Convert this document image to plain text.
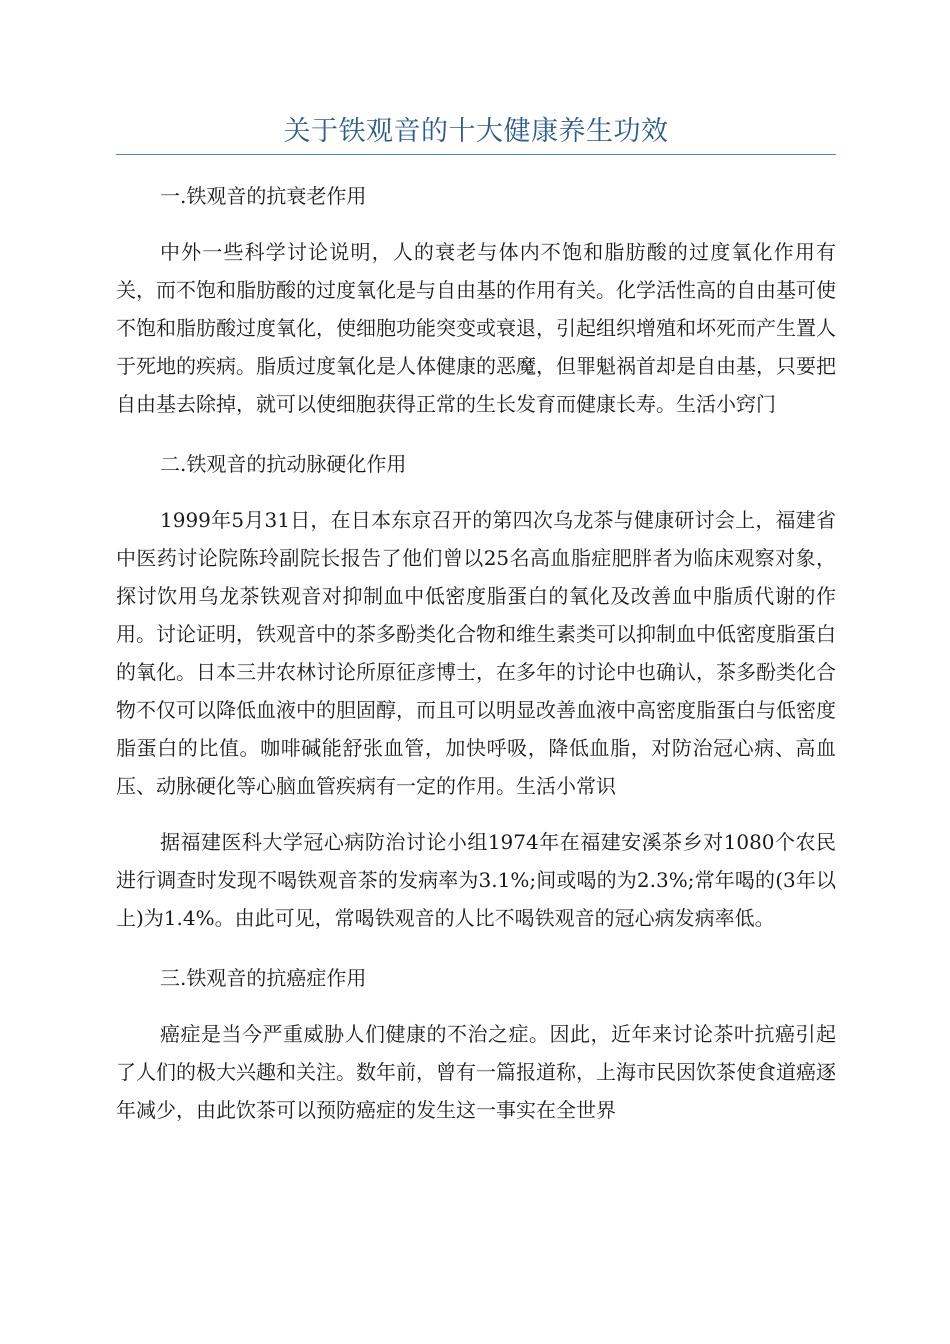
关于铁观音的十大健康养生功效

一.铁观音的抗衰老作用

中外一些科学讨论说明，人的衰老与体内不饱和脂肪酸的过度氧化作用有关，而不饱和脂肪酸的过度氧化是与自由基的作用有关。化学活性高的自由基可使不饱和脂肪酸过度氧化，使细胞功能突变或衰退，引起组织增殖和坏死而产生置人于死地的疾病。脂质过度氧化是人体健康的恶魔，但罪魁祸首却是自由基，只要把自由基去除掉，就可以使细胞获得正常的生长发育而健康长寿。生活小窍门

二.铁观音的抗动脉硬化作用

1999年5月31日，在日本东京召开的第四次乌龙茶与健康研讨会上，福建省中医药讨论院陈玲副院长报告了他们曾以25名高血脂症肥胖者为临床观察对象，探讨饮用乌龙茶铁观音对抑制血中低密度脂蛋白的氧化及改善血中脂质代谢的作用。讨论证明，铁观音中的茶多酚类化合物和维生素类可以抑制血中低密度脂蛋白的氧化。日本三井农林讨论所原征彦博士，在多年的讨论中也确认，茶多酚类化合物不仅可以降低血液中的胆固醇，而且可以明显改善血液中高密度脂蛋白与低密度脂蛋白的比值。咖啡碱能舒张血管，加快呼吸，降低血脂，对防治冠心病、高血压、动脉硬化等心脑血管疾病有一定的作用。生活小常识

据福建医科大学冠心病防治讨论小组1974年在福建安溪茶乡对1080个农民进行调查时发现不喝铁观音茶的发病率为3.1%;间或喝的为2.3%;常年喝的(3年以上)为1.4%。由此可见，常喝铁观音的人比不喝铁观音的冠心病发病率低。

三.铁观音的抗癌症作用

癌症是当今严重威胁人们健康的不治之症。因此，近年来讨论茶叶抗癌引起了人们的极大兴趣和关注。数年前，曾有一篇报道称，上海市民因饮茶使食道癌逐年减少，由此饮茶可以预防癌症的发生这一事实在全世界
